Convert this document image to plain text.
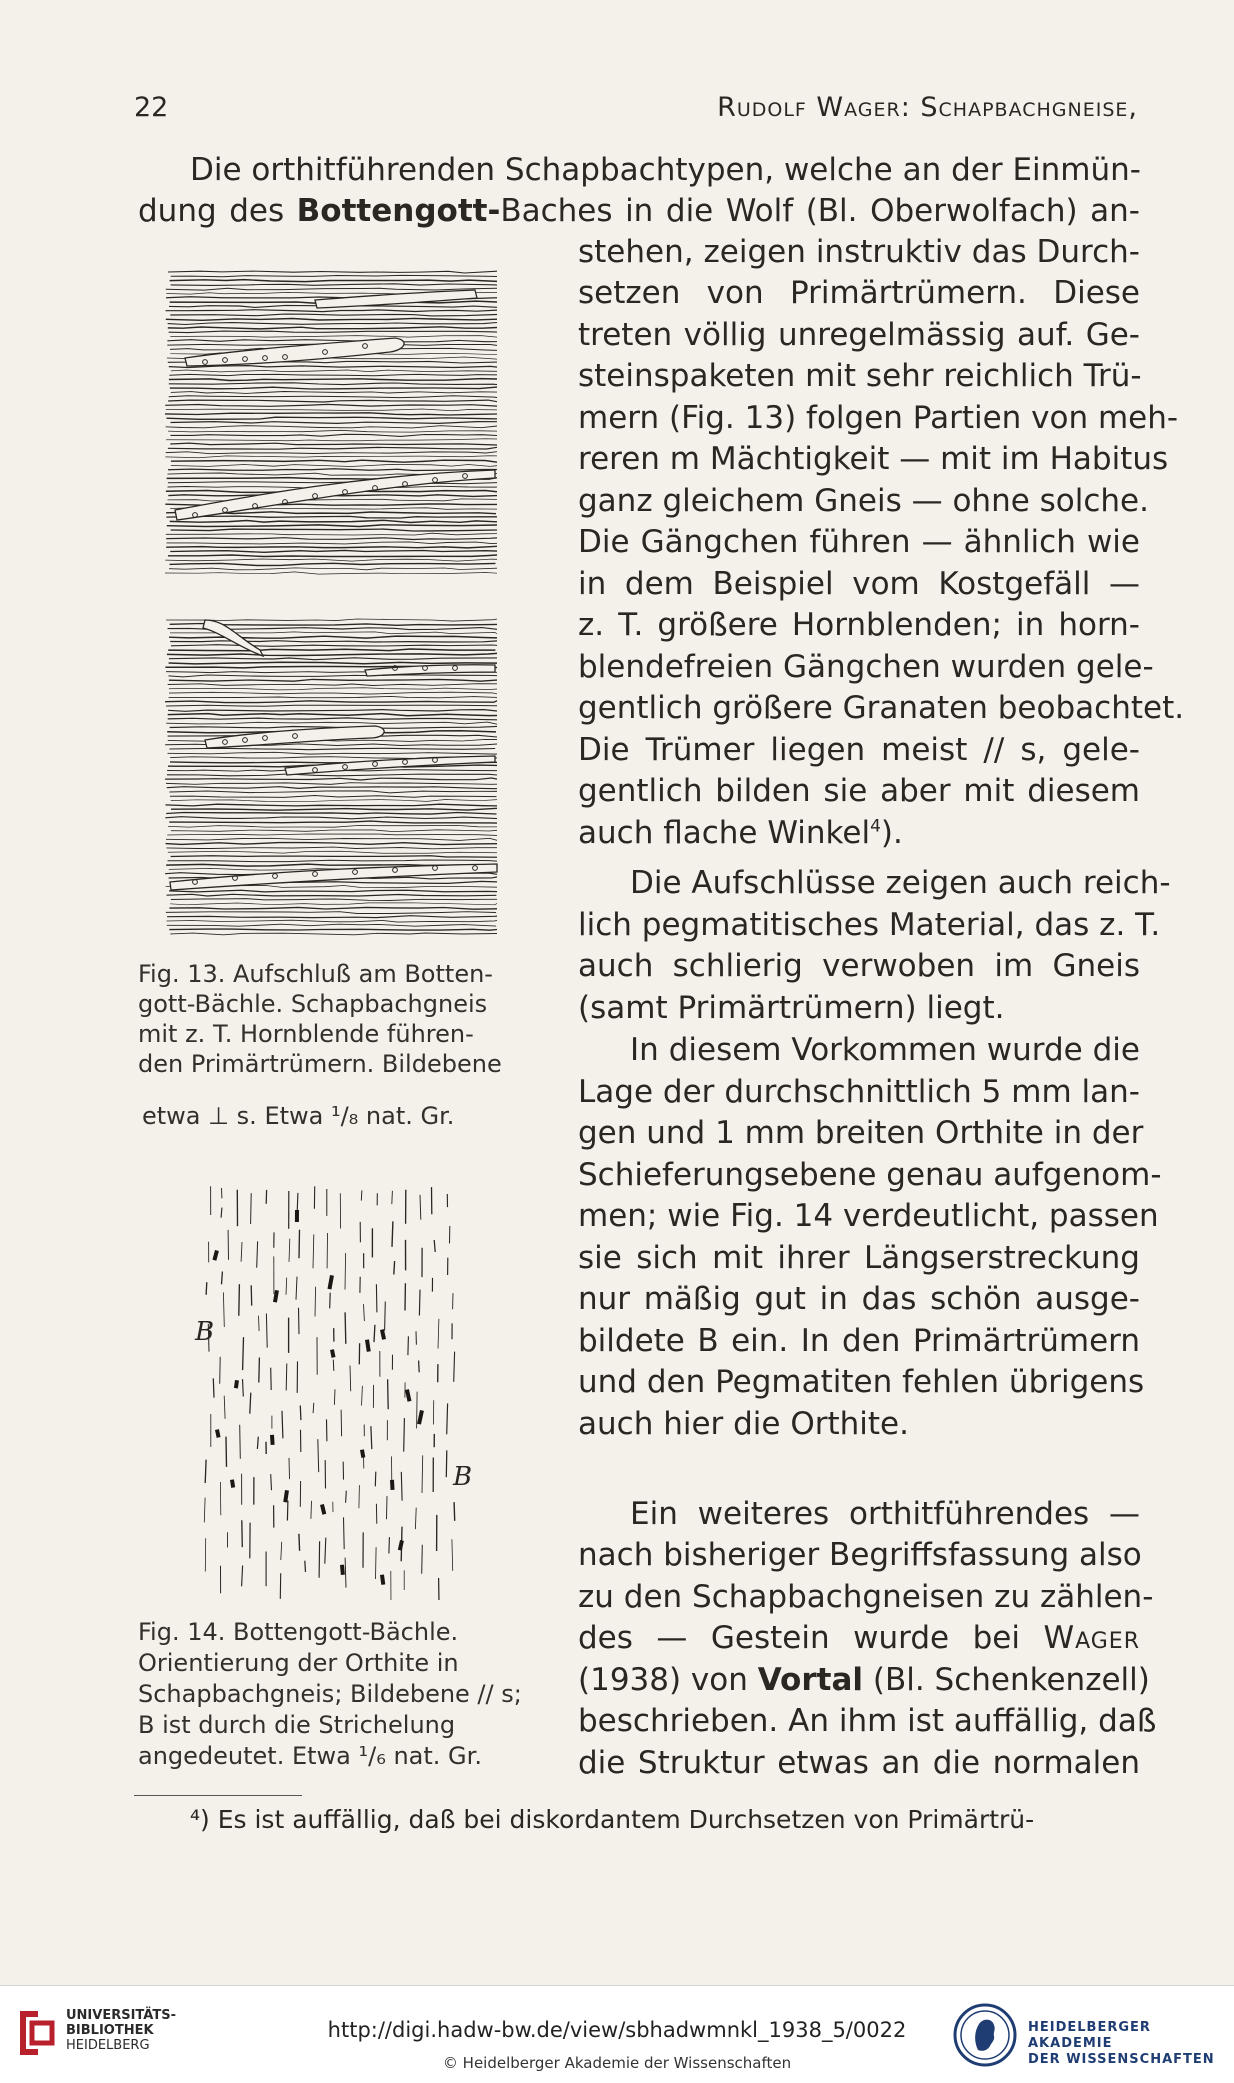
22	Rudolf Wager: Schapbachgneise,
Die orthitführenden Schapbachtypen, welche an der Einmün-
dung des Bottengott-Baches in die Wolf (Bl. Oberwolfach) an-
stehen, zeigen instruktiv das Durch-
setzen von Primärtrümern. Diese
treten völlig unregelmässig auf. Ge-
steinspaketen mit sehr reichlich Trü-
mern (Fig. 13) folgen Partien von meh-
reren m Mächtigkeit — mit im Habitus
ganz gleichem Gneis — ohne solche.
Die Gängchen führen — ähnlich wie
in dem Beispiel vom Kostgefäll —
z. T. größere Hornblenden; in horn-
blendefreien Gängchen wurden gele-
gentlich größere Granaten beobachtet.
Die Trümer liegen meist // s, gele-
gentlich bilden sie aber mit diesem
auch flache Winkel$^4$).
Die Aufschlüsse zeigen auch reich-
lich pegmatitisches Material, das z. T.
auch schlierig verwoben im Gneis
(samt Primärtrümern) liegt.
In diesem Vorkommen wurde die
Lage der durchschnittlich 5 mm lan-
gen und 1 mm breiten Orthite in der
Schieferungsebene genau aufgenom-
men; wie Fig. 14 verdeutlicht, passen
sie sich mit ihrer Längserstreckung
nur mäßig gut in das schön ausge-
bildete B ein. In den Primärtrümern
und den Pegmatiten fehlen übrigens
auch hier die Orthite.
Ein weiteres orthitführendes —
nach bisheriger Begriffsfassung also
zu den Schapbachgneisen zu zählen-
des — Gestein wurde bei Wager
(1938) von Vortal (Bl. Schenkenzell)
beschrieben. An ihm ist auffällig, daß
die Struktur etwas an die normalen
Fig. 13. Aufschluß am Botten-
gott-Bächle. Schapbachgneis
mit z. T. Hornblende führen-
den Primärtrümern. Bildebene
etwa ⊥ s. Etwa ¹/₈ nat. Gr.
B
B
Fig. 14. Bottengott-Bächle.
Orientierung der Orthite in
Schapbachgneis; Bildebene // s;
B ist durch die Strichelung
angedeutet. Etwa ¹/₆ nat. Gr.
⁴) Es ist auffällig, daß bei diskordantem Durchsetzen von Primärtrü-
UNIVERSITÄTS-
BIBLIOTHEK
HEIDELBERG
http://digi.hadw-bw.de/view/sbhadwmnkl_1938_5/0022
© Heidelberger Akademie der Wissenschaften
HEIDELBERGER AKADEMIE
DER WISSENSCHAFTEN
